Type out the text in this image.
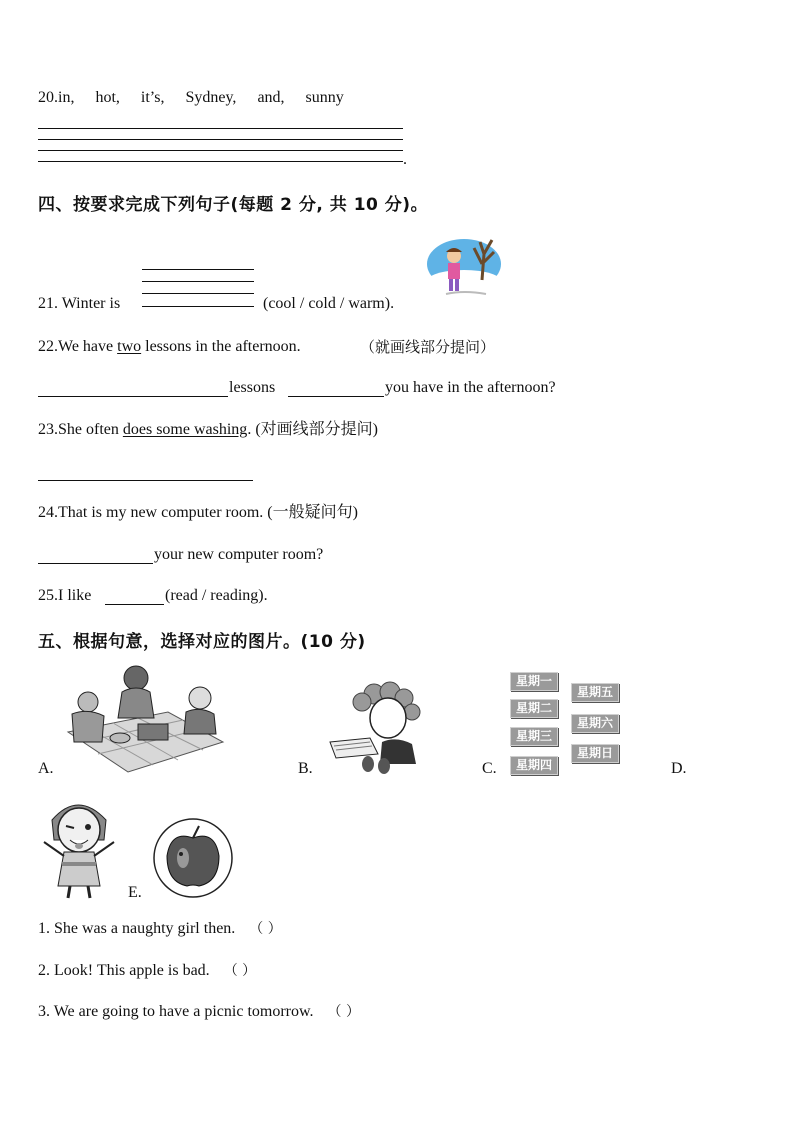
20.in, hot, it’s, Sydney, and, sunny
.
四、按要求完成下列句子(每题 2 分, 共 10 分)。
21. Winter is	(cool / cold / warm).
22.We have two lessons in the afternoon.	（就画线部分提问）
lessons	you have in the afternoon?
23.She often does some washing. (对画线部分提问)
24.That is my new computer room. (一般疑问句)
your new computer room?
25.I like	(read / reading).
五、根据句意，选择对应的图片。(10 分)
A.	B.
星期一
星期二
星期三
星期四
星期五
星期六
星期日
C.	D.
E.
1. She was a naughty girl then. （ ）
2. Look! This apple is bad. （ ）
3. We are going to have a picnic tomorrow. （ ）
